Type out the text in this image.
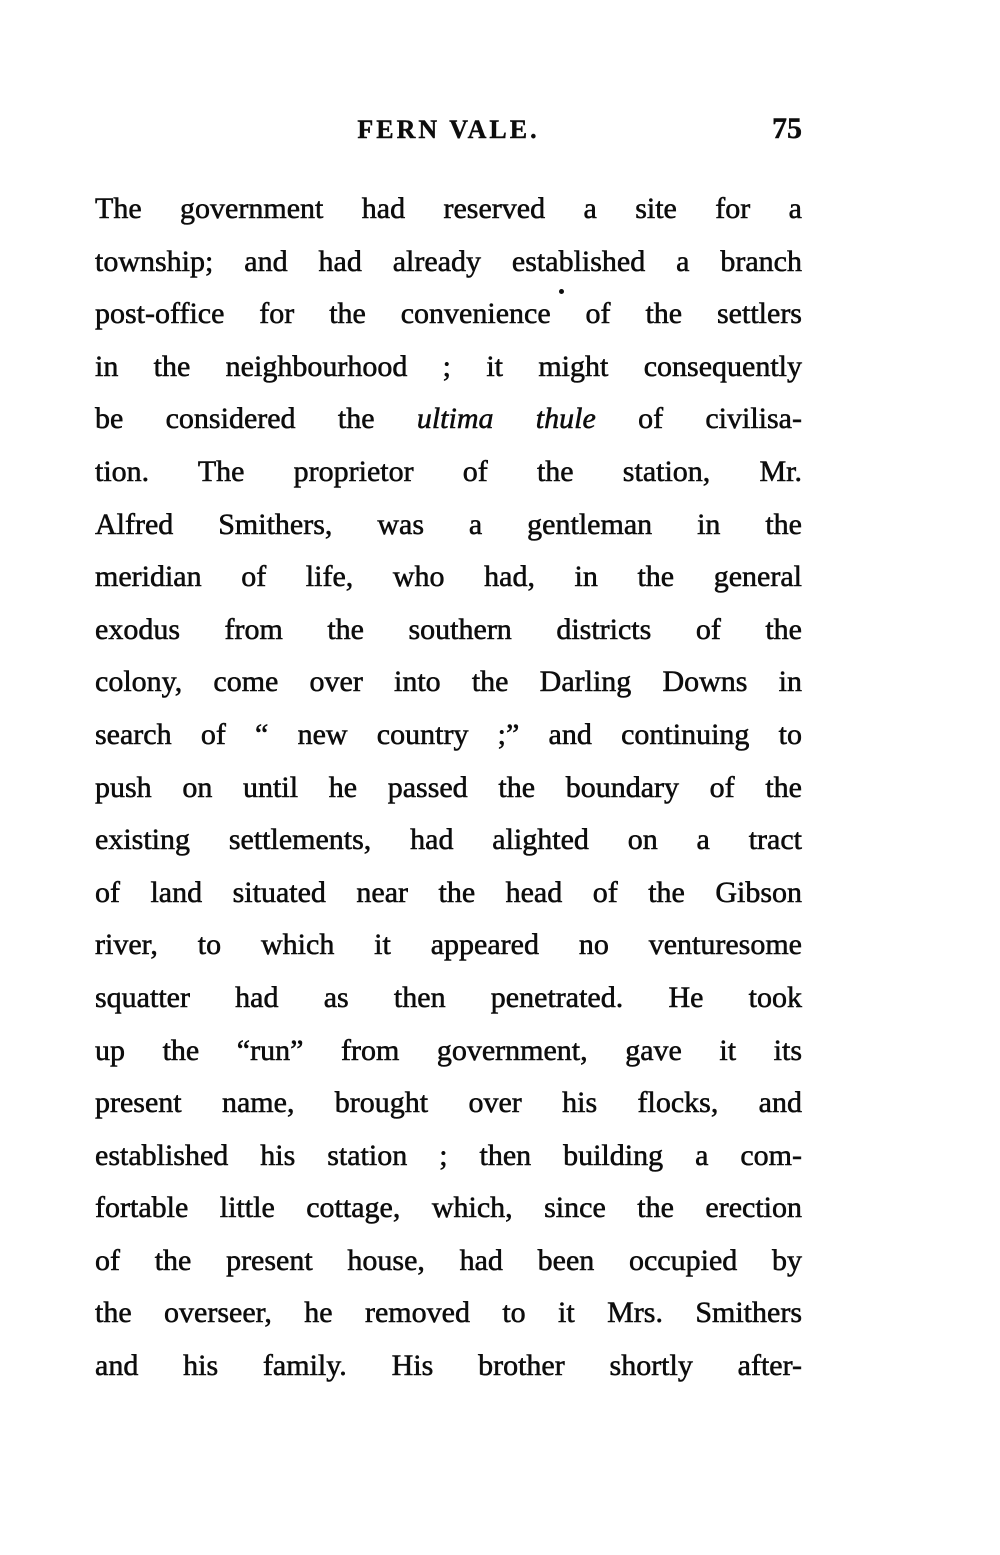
FERN VALE.	75
The government had reserved a site for a
township; and had already established a branch
post-office for the convenience of the settlers
in the neighbourhood ; it might consequently
be considered the ultima thule of civilisa-
tion. The proprietor of the station, Mr.
Alfred Smithers, was a gentleman in the
meridian of life, who had, in the general
exodus from the southern districts of the
colony, come over into the Darling Downs in
search of “ new country ;” and continuing to
push on until he passed the boundary of the
existing settlements, had alighted on a tract
of land situated near the head of the Gibson
river, to which it appeared no venturesome
squatter had as then penetrated. He took
up the “run” from government, gave it its
present name, brought over his flocks, and
established his station ; then building a com-
fortable little cottage, which, since the erection
of the present house, had been occupied by
the overseer, he removed to it Mrs. Smithers
and his family. His brother shortly after-
